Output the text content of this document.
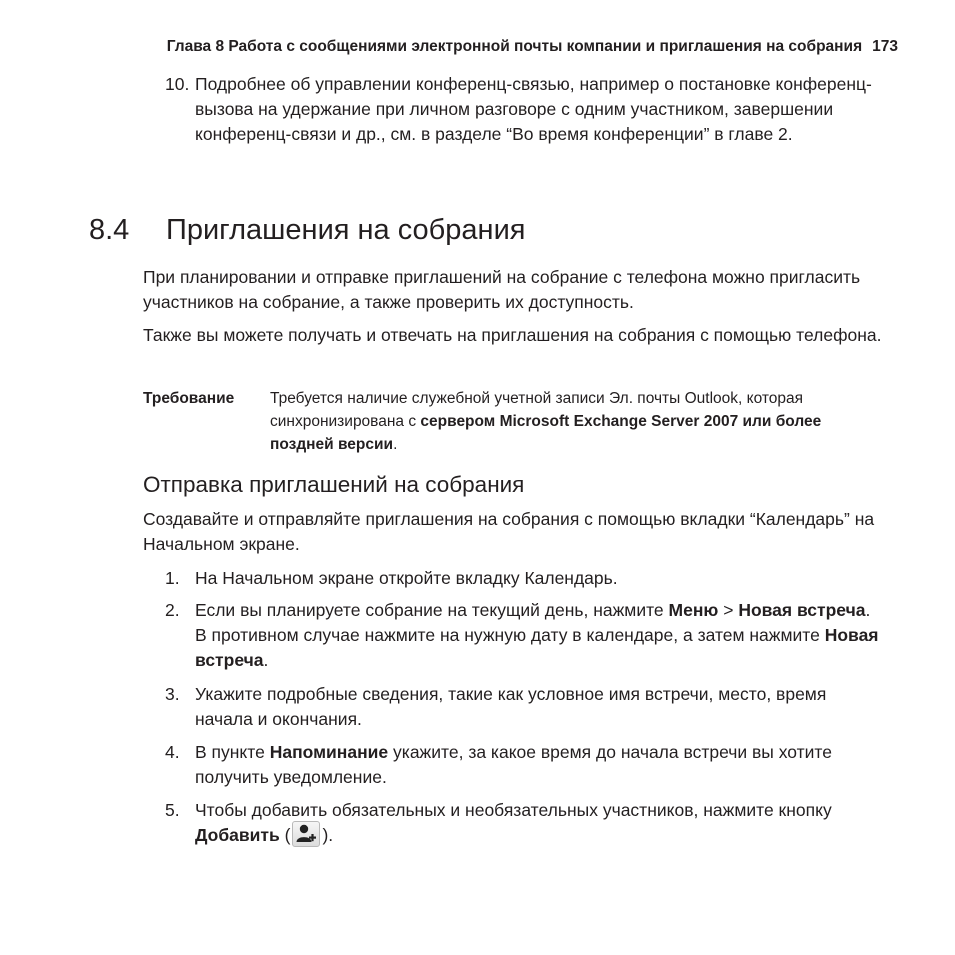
Глава 8 Работа с сообщениями электронной почты компании и приглашения на собрания 173
10. Подробнее об управлении конференц-связью, например о постановке конференц-вызова на удержание при личном разговоре с одним участником, завершении конференц-связи и др., см. в разделе “Во время конференции” в главе 2.
8.4 Приглашения на собрания
При планировании и отправке приглашений на собрание с телефона можно пригласить участников на собрание, а также проверить их доступность.
Также вы можете получать и отвечать на приглашения на собрания с помощью телефона.
Требование Требуется наличие служебной учетной записи Эл. почты Outlook, которая синхронизирована с сервером Microsoft Exchange Server 2007 или более поздней версии.
Отправка приглашений на собрания
Создавайте и отправляйте приглашения на собрания с помощью вкладки “Календарь” на Начальном экране.
1. На Начальном экране откройте вкладку Календарь.
2. Если вы планируете собрание на текущий день, нажмите Меню > Новая встреча. В противном случае нажмите на нужную дату в календаре, а затем нажмите Новая встреча.
3. Укажите подробные сведения, такие как условное имя встречи, место, время начала и окончания.
4. В пункте Напоминание укажите, за какое время до начала встречи вы хотите получить уведомление.
5. Чтобы добавить обязательных и необязательных участников, нажмите кнопку Добавить ( ).
